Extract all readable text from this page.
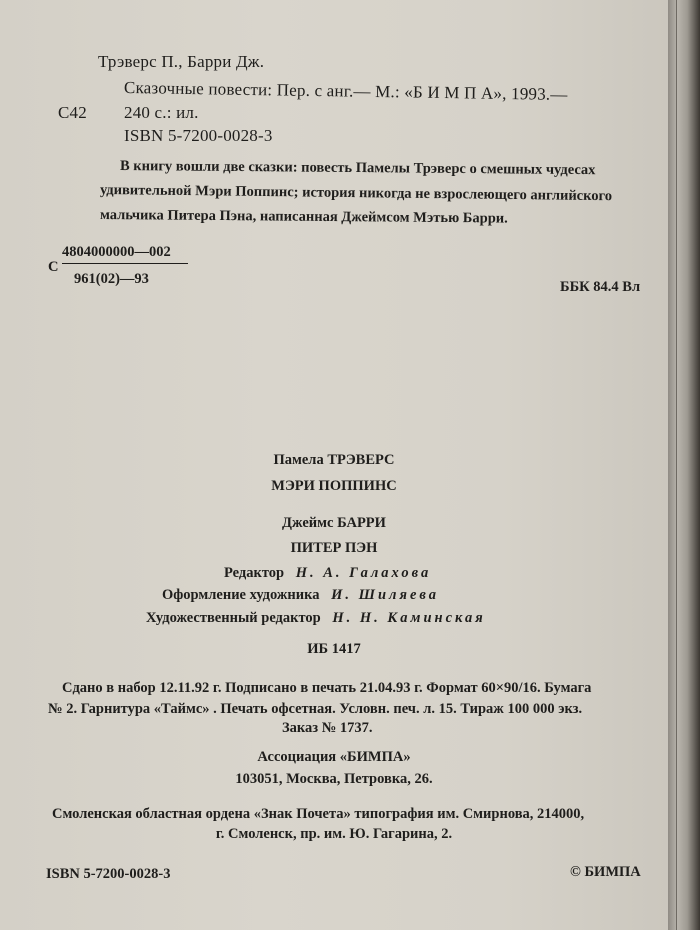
Трэверс П., Барри Дж.
С42
Сказочные повести: Пер. с анг.— М.: «Б И М П А», 1993.—
240 с.: ил.
ISBN 5-7200-0028-3
В книгу вошли две сказки: повесть Памелы Трэверс о смешных чудесах
удивительной Мэри Поппинс; история никогда не взрослеющего английского
мальчика Питера Пэна, написанная Джеймсом Мэтью Барри.
С
4804000000—002
961(02)—93	ББК 84.4 Вл
Памела ТРЭВЕРС
МЭРИ ПОППИНС
Джеймс БАРРИ
ПИТЕР ПЭН
Редактор Н. А. Галахова
Оформление художника И. Шиляева
Художественный редактор Н. Н. Каминская
ИБ 1417
Сдано в набор 12.11.92 г. Подписано в печать 21.04.93 г. Формат 60×90/16. Бумага
№ 2. Гарнитура «Таймс» . Печать офсетная. Условн. печ. л. 15. Тираж 100 000 экз.
Заказ № 1737.
Ассоциация «БИМПА»
103051, Москва, Петровка, 26.
Смоленская областная ордена «Знак Почета» типография им. Смирнова, 214000,
г. Смоленск, пр. им. Ю. Гагарина, 2.
ISBN 5-7200-0028-3	© БИМПА
